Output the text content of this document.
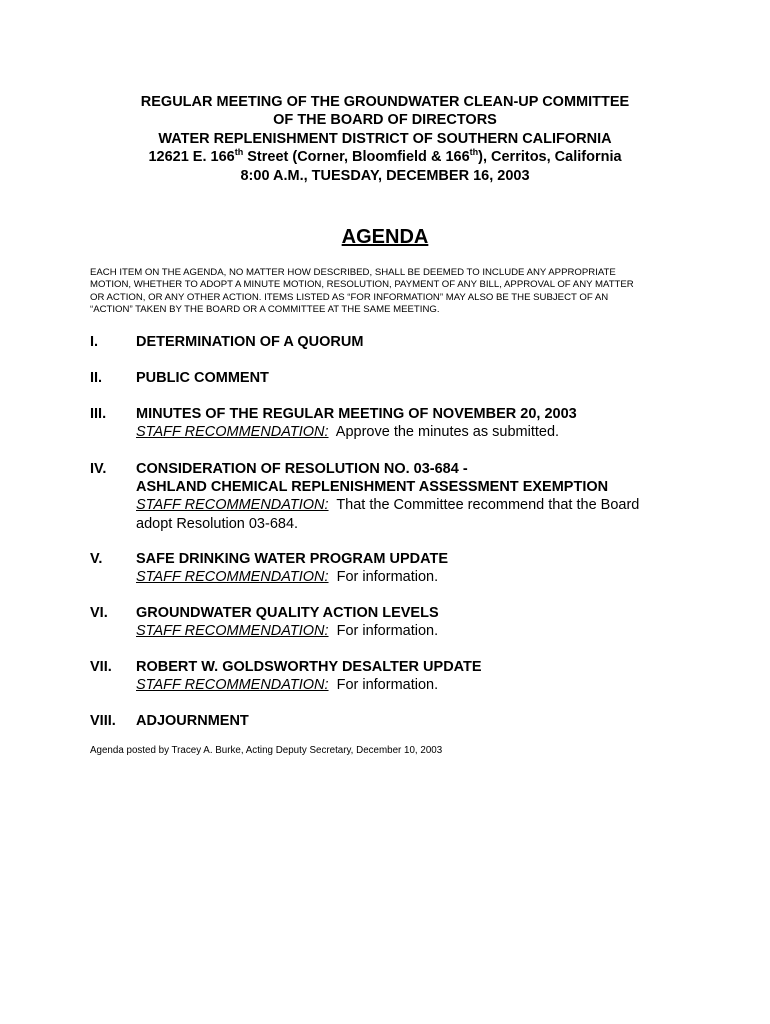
REGULAR MEETING OF THE GROUNDWATER CLEAN-UP COMMITTEE
OF THE BOARD OF DIRECTORS
WATER REPLENISHMENT DISTRICT OF SOUTHERN CALIFORNIA
12621 E. 166th Street (Corner, Bloomfield & 166th), Cerritos, California
8:00 A.M., TUESDAY, DECEMBER 16, 2003
AGENDA
EACH ITEM ON THE AGENDA, NO MATTER HOW DESCRIBED, SHALL BE DEEMED TO INCLUDE ANY APPROPRIATE
MOTION, WHETHER TO ADOPT A MINUTE MOTION, RESOLUTION, PAYMENT OF ANY BILL, APPROVAL OF ANY MATTER
OR ACTION, OR ANY OTHER ACTION. ITEMS LISTED AS “FOR INFORMATION” MAY ALSO BE THE SUBJECT OF AN
“ACTION” TAKEN BY THE BOARD OR A COMMITTEE AT THE SAME MEETING.
I.	DETERMINATION OF A QUORUM
II. PUBLIC COMMENT
III. MINUTES OF THE REGULAR MEETING OF NOVEMBER 20, 2003
STAFF RECOMMENDATION:  Approve the minutes as submitted.
IV. CONSIDERATION OF RESOLUTION NO. 03-684 -
ASHLAND CHEMICAL REPLENISHMENT ASSESSMENT EXEMPTION
STAFF RECOMMENDATION:  That the Committee recommend that the Board
adopt Resolution 03-684.
V. SAFE DRINKING WATER PROGRAM UPDATE
STAFF RECOMMENDATION:  For information.
VI. GROUNDWATER QUALITY ACTION LEVELS
STAFF RECOMMENDATION:  For information.
VII. ROBERT W. GOLDSWORTHY DESALTER UPDATE
STAFF RECOMMENDATION:  For information.
VIII. ADJOURNMENT
Agenda posted by Tracey A. Burke, Acting Deputy Secretary, December 10, 2003
